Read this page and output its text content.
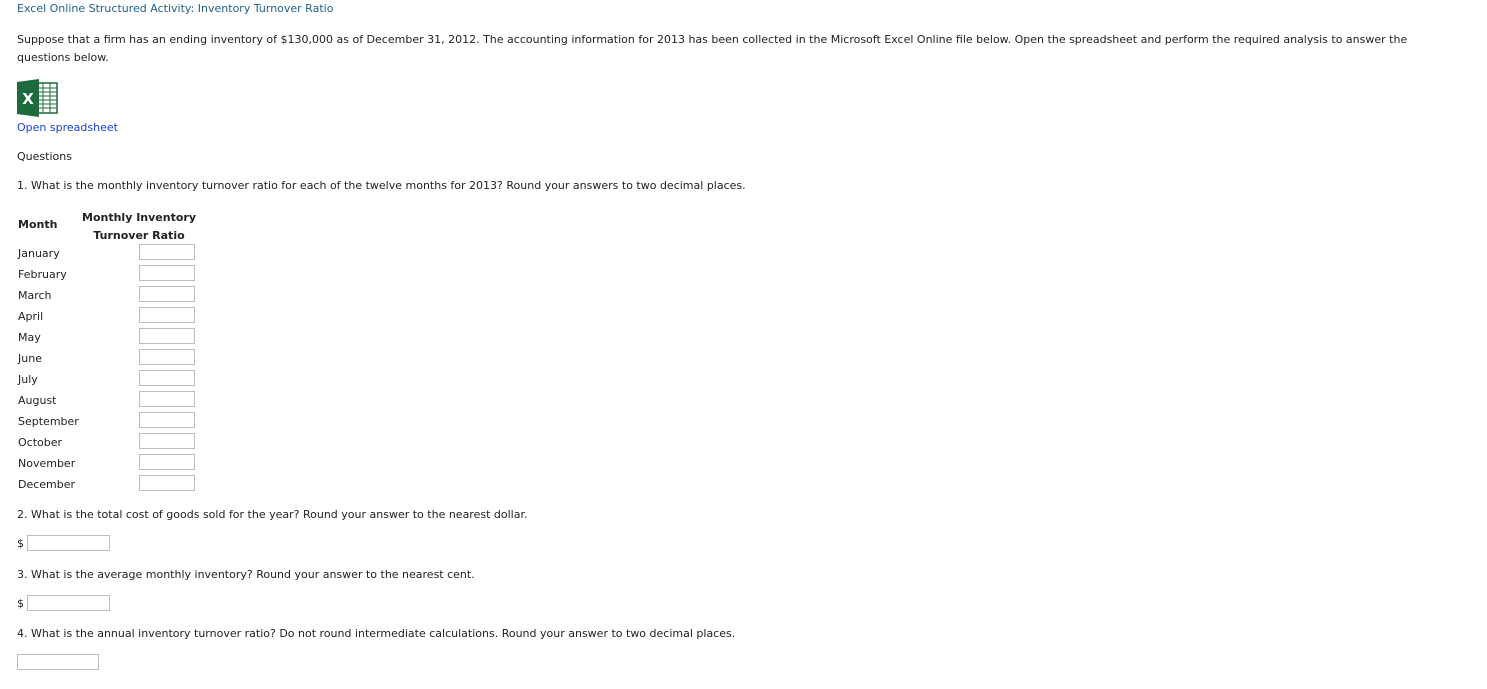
Excel Online Structured Activity: Inventory Turnover Ratio
Suppose that a firm has an ending inventory of $130,000 as of December 31, 2012. The accounting information for 2013 has been collected in the Microsoft Excel Online file below. Open the spreadsheet and perform the required analysis to answer the questions below.
X
Open spreadsheet
Questions
1. What is the monthly inventory turnover ratio for each of the twelve months for 2013? Round your answers to two decimal places.
Month
Monthly Inventory Turnover Ratio
January
February
March
April
May
June
July
August
September
October
November
December
2. What is the total cost of goods sold for the year? Round your answer to the nearest dollar.
$
3. What is the average monthly inventory? Round your answer to the nearest cent.
$
4. What is the annual inventory turnover ratio? Do not round intermediate calculations. Round your answer to two decimal places.
